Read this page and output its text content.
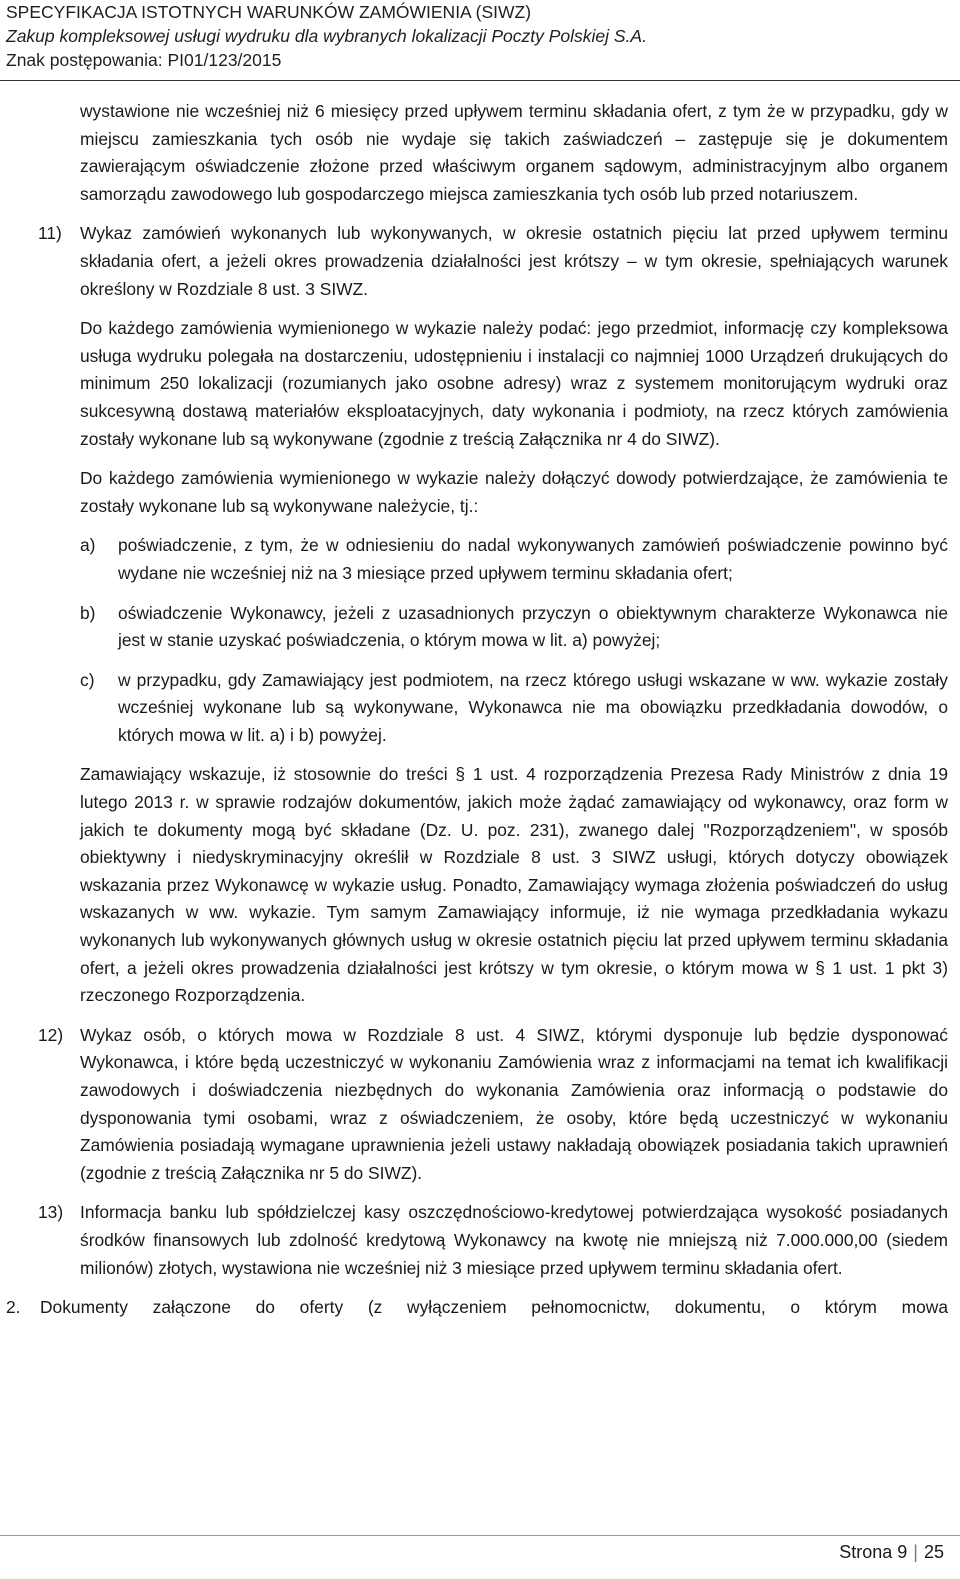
SPECYFIKACJA ISTOTNYCH WARUNKÓW ZAMÓWIENIA (SIWZ)
Zakup kompleksowej usługi wydruku dla wybranych lokalizacji Poczty Polskiej S.A.
Znak postępowania: PI01/123/2015
wystawione nie wcześniej niż 6 miesięcy przed upływem terminu składania ofert, z tym że w przypadku, gdy w miejscu zamieszkania tych osób nie wydaje się takich zaświadczeń – zastępuje się je dokumentem zawierającym oświadczenie złożone przed właściwym organem sądowym, administracyjnym albo organem samorządu zawodowego lub gospodarczego miejsca zamieszkania tych osób lub przed notariuszem.
11) Wykaz zamówień wykonanych lub wykonywanych, w okresie ostatnich pięciu lat przed upływem terminu składania ofert, a jeżeli okres prowadzenia działalności jest krótszy – w tym okresie, spełniających warunek określony w Rozdziale 8 ust. 3 SIWZ.
Do każdego zamówienia wymienionego w wykazie należy podać: jego przedmiot, informację czy kompleksowa usługa wydruku polegała na dostarczeniu, udostępnieniu i instalacji co najmniej 1000 Urządzeń drukujących do minimum 250 lokalizacji (rozumianych jako osobne adresy) wraz z systemem monitorującym wydruki oraz sukcesywną dostawą materiałów eksploatacyjnych, daty wykonania i podmioty, na rzecz których zamówienia zostały wykonane lub są wykonywane (zgodnie z treścią Załącznika nr 4 do SIWZ).
Do każdego zamówienia wymienionego w wykazie należy dołączyć dowody potwierdzające, że zamówienia te zostały wykonane lub są wykonywane należycie, tj.:
a) poświadczenie, z tym, że w odniesieniu do nadal wykonywanych zamówień poświadczenie powinno być wydane nie wcześniej niż na 3 miesiące przed upływem terminu składania ofert;
b) oświadczenie Wykonawcy, jeżeli z uzasadnionych przyczyn o obiektywnym charakterze Wykonawca nie jest w stanie uzyskać poświadczenia, o którym mowa w lit. a) powyżej;
c) w przypadku, gdy Zamawiający jest podmiotem, na rzecz którego usługi wskazane w ww. wykazie zostały wcześniej wykonane lub są wykonywane, Wykonawca nie ma obowiązku przedkładania dowodów, o których mowa w lit. a) i b) powyżej.
Zamawiający wskazuje, iż stosownie do treści § 1 ust. 4 rozporządzenia Prezesa Rady Ministrów z dnia 19 lutego 2013 r. w sprawie rodzajów dokumentów, jakich może żądać zamawiający od wykonawcy, oraz form w jakich te dokumenty mogą być składane (Dz. U. poz. 231), zwanego dalej "Rozporządzeniem", w sposób obiektywny i niedyskryminacyjny określił w Rozdziale 8 ust. 3 SIWZ usługi, których dotyczy obowiązek wskazania przez Wykonawcę w wykazie usług. Ponadto, Zamawiający wymaga złożenia poświadczeń do usług wskazanych w ww. wykazie. Tym samym Zamawiający informuje, iż nie wymaga przedkładania wykazu wykonanych lub wykonywanych głównych usług w okresie ostatnich pięciu lat przed upływem terminu składania ofert, a jeżeli okres prowadzenia działalności jest krótszy w tym okresie, o którym mowa w § 1 ust. 1 pkt 3) rzeczonego Rozporządzenia.
12) Wykaz osób, o których mowa w Rozdziale 8 ust. 4 SIWZ, którymi dysponuje lub będzie dysponować Wykonawca, i które będą uczestniczyć w wykonaniu Zamówienia wraz z informacjami na temat ich kwalifikacji zawodowych i doświadczenia niezbędnych do wykonania Zamówienia oraz informacją o podstawie do dysponowania tymi osobami, wraz z oświadczeniem, że osoby, które będą uczestniczyć w wykonaniu Zamówienia posiadają wymagane uprawnienia jeżeli ustawy nakładają obowiązek posiadania takich uprawnień (zgodnie z treścią Załącznika nr 5 do SIWZ).
13) Informacja banku lub spółdzielczej kasy oszczędnościowo-kredytowej potwierdzająca wysokość posiadanych środków finansowych lub zdolność kredytową Wykonawcy na kwotę nie mniejszą niż 7.000.000,00 (siedem milionów) złotych, wystawiona nie wcześniej niż 3 miesiące przed upływem terminu składania ofert.
2. Dokumenty załączone do oferty (z wyłączeniem pełnomocnictw, dokumentu, o którym mowa
Strona 9 | 25
